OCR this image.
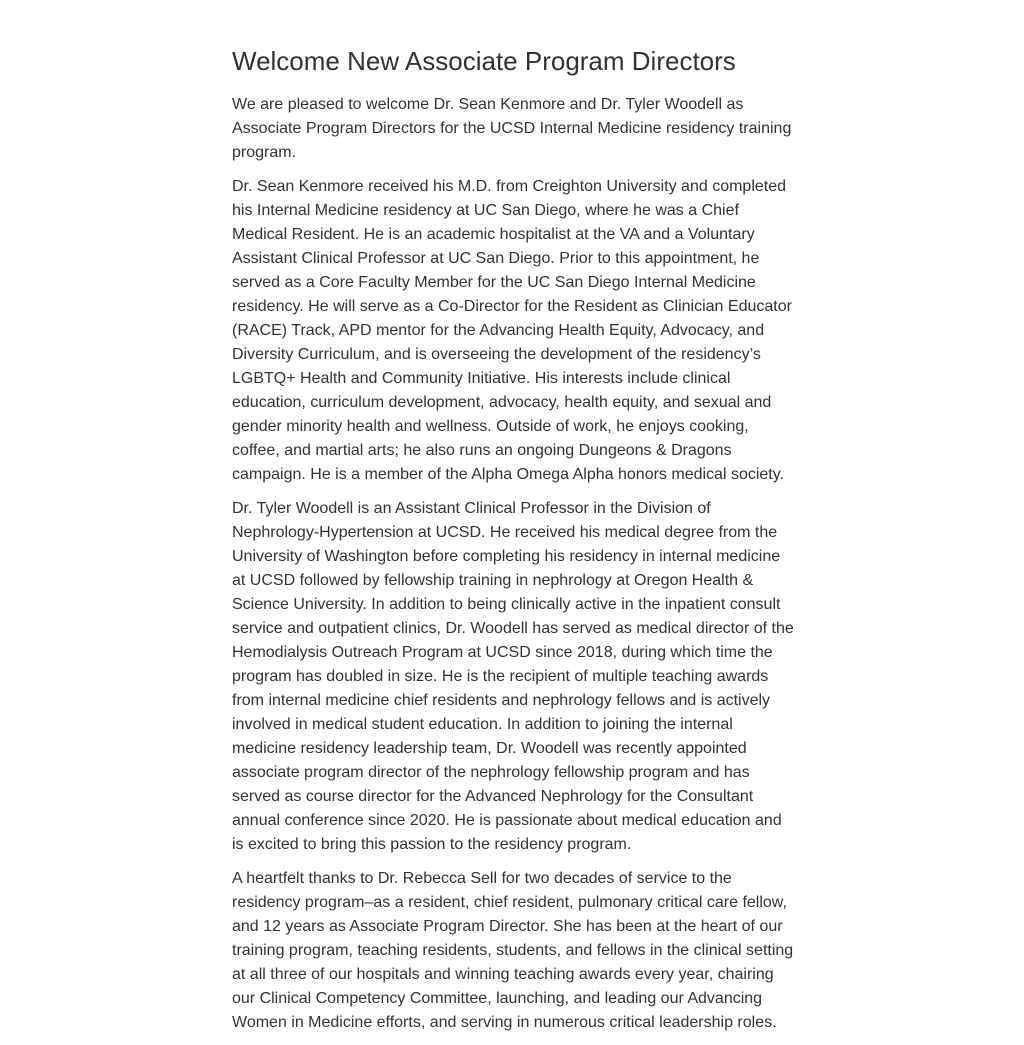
Welcome New Associate Program Directors

We are pleased to welcome Dr. Sean Kenmore and Dr. Tyler Woodell as Associate Program Directors for the UCSD Internal Medicine residency training program.

Dr. Sean Kenmore received his M.D. from Creighton University and completed his Internal Medicine residency at UC San Diego, where he was a Chief Medical Resident. He is an academic hospitalist at the VA and a Voluntary Assistant Clinical Professor at UC San Diego. Prior to this appointment, he served as a Core Faculty Member for the UC San Diego Internal Medicine residency. He will serve as a Co-Director for the Resident as Clinician Educator (RACE) Track, APD mentor for the Advancing Health Equity, Advocacy, and Diversity Curriculum, and is overseeing the development of the residency’s LGBTQ+ Health and Community Initiative. His interests include clinical education, curriculum development, advocacy, health equity, and sexual and gender minority health and wellness. Outside of work, he enjoys cooking, coffee, and martial arts; he also runs an ongoing Dungeons & Dragons campaign. He is a member of the Alpha Omega Alpha honors medical society.

Dr. Tyler Woodell is an Assistant Clinical Professor in the Division of Nephrology-Hypertension at UCSD. He received his medical degree from the University of Washington before completing his residency in internal medicine at UCSD followed by fellowship training in nephrology at Oregon Health & Science University. In addition to being clinically active in the inpatient consult service and outpatient clinics, Dr. Woodell has served as medical director of the Hemodialysis Outreach Program at UCSD since 2018, during which time the program has doubled in size. He is the recipient of multiple teaching awards from internal medicine chief residents and nephrology fellows and is actively involved in medical student education. In addition to joining the internal medicine residency leadership team, Dr. Woodell was recently appointed associate program director of the nephrology fellowship program and has served as course director for the Advanced Nephrology for the Consultant annual conference since 2020. He is passionate about medical education and is excited to bring this passion to the residency program.

A heartfelt thanks to Dr. Rebecca Sell for two decades of service to the residency program–as a resident, chief resident, pulmonary critical care fellow, and 12 years as Associate Program Director. She has been at the heart of our training program, teaching residents, students, and fellows in the clinical setting at all three of our hospitals and winning teaching awards every year, chairing our Clinical Competency Committee, launching, and leading our Advancing Women in Medicine efforts, and serving in numerous critical leadership roles.
